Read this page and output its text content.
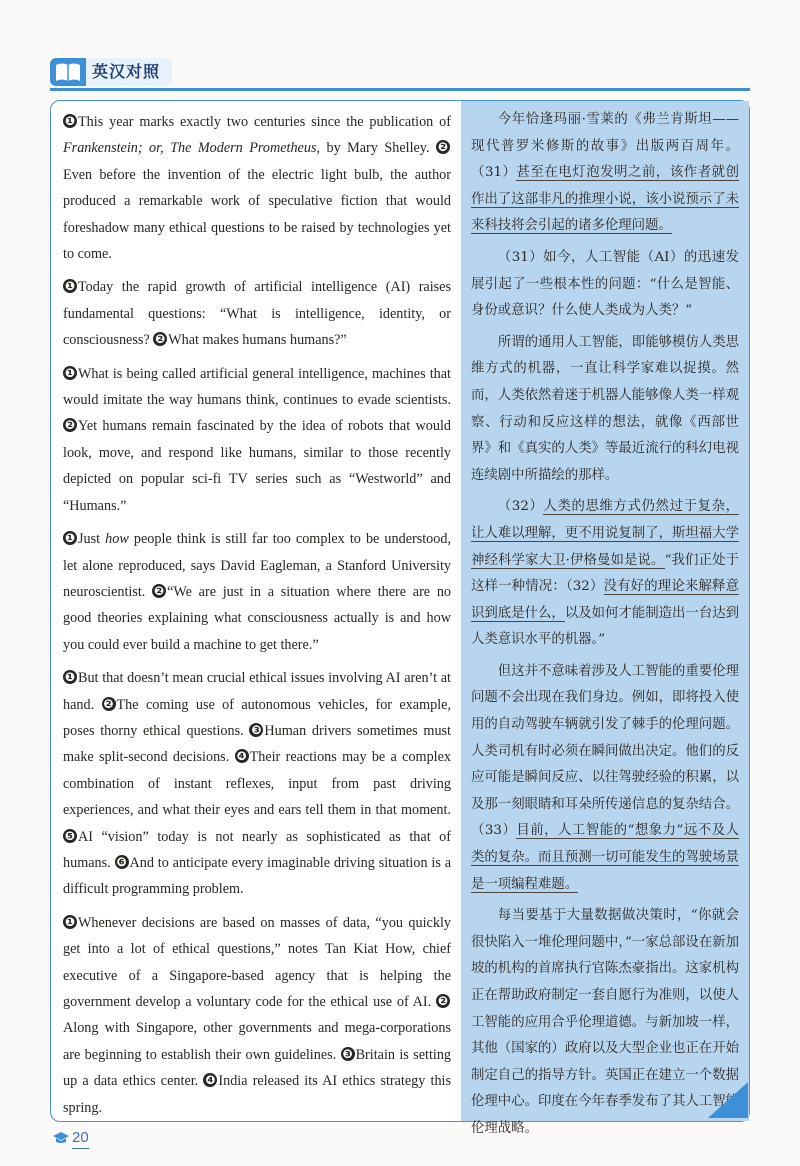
英汉对照

❶ This year marks exactly two centuries since the publication of Frankenstein; or, The Modern Prometheus, by Mary Shelley. ❷Even before the invention of the electric light bulb, the author produced a remarkable work of speculative fiction that would foreshadow many ethical questions to be raised by technologies yet to come.

❶ Today the rapid growth of artificial intelligence (AI) raises fundamental questions: “What is intelligence, identity, or consciousness? ❷ What makes humans humans?”

❶ What is being called artificial general intelligence, machines that would imitate the way humans think, continues to evade scientists. ❷ Yet humans remain fascinated by the idea of robots that would look, move, and respond like humans, similar to those recently depicted on popular sci-fi TV series such as “Westworld” and “Humans.”

❶ Just how people think is still far too complex to be understood, let alone reproduced, says David Eagleman, a Stanford University neuroscientist. ❷ “We are just in a situation where there are no good theories explaining what consciousness actually is and how you could ever build a machine to get there.”

❶ But that doesn’t mean crucial ethical issues involving AI aren’t at hand. ❷ The coming use of autonomous vehicles, for example, poses thorny ethical questions. ❸ Human drivers sometimes must make split-second decisions. ❹ Their reactions may be a complex combination of instant reflexes, input from past driving experiences, and what their eyes and ears tell them in that moment. ❺ AI “vision” today is not nearly as sophisticated as that of humans. ❻ And to anticipate every imaginable driving situation is a difficult programming problem.

❶ Whenever decisions are based on masses of data, “you quickly get into a lot of ethical questions,” notes Tan Kiat How, chief executive of a Singapore-based agency that is helping the government develop a voluntary code for the ethical use of AI. ❷Along with Singapore, other governments and mega-corporations are beginning to establish their own guidelines. ❸ Britain is setting up a data ethics center. ❹ India released its AI ethics strategy this spring.

今年恰逢玛丽·雪莱的《弗兰肯斯坦——现代普罗米修斯的故事》出版两百周年。（31）甚至在电灯泡发明之前，该作者就创作出了这部非凡的推理小说，该小说预示了未来科技将会引起的诸多伦理问题。

（31）如今，人工智能（AI）的迅速发展引起了一些根本性的问题：“什么是智能、身份或意识？什么使人类成为人类？”

所谓的通用人工智能，即能够模仿人类思维方式的机器，一直让科学家难以捉摸。然而，人类依然着迷于机器人能够像人类一样观察、行动和反应这样的想法，就像《西部世界》和《真实的人类》等最近流行的科幻电视连续剧中所描绘的那样。

（32）人类的思维方式仍然过于复杂，让人难以理解，更不用说复制了，斯坦福大学神经科学家大卫·伊格曼如是说。“我们正处于这样一种情况：（32）没有好的理论来解释意识到底是什么，以及如何才能制造出一台达到人类意识水平的机器。”

但这并不意味着涉及人工智能的重要伦理问题不会出现在我们身边。例如，即将投入使用的自动驾驶车辆就引发了棘手的伦理问题。人类司机有时必须在瞬间做出决定。他们的反应可能是瞬间反应、以往驾驶经验的积累，以及那一刻眼睛和耳朵所传递信息的复杂结合。（33）目前，人工智能的“想象力”远不及人类的复杂。而且预测一切可能发生的驾驶场景是一项编程难题。

每当要基于大量数据做决策时，“你就会很快陷入一堆伦理问题中，”一家总部设在新加坡的机构的首席执行官陈杰豪指出。这家机构正在帮助政府制定一套自愿行为准则，以使人工智能的应用合乎伦理道德。与新加坡一样，其他（国家的）政府以及大型企业也正在开始制定自己的指导方针。英国正在建立一个数据伦理中心。印度在今年春季发布了其人工智能伦理战略。

20
